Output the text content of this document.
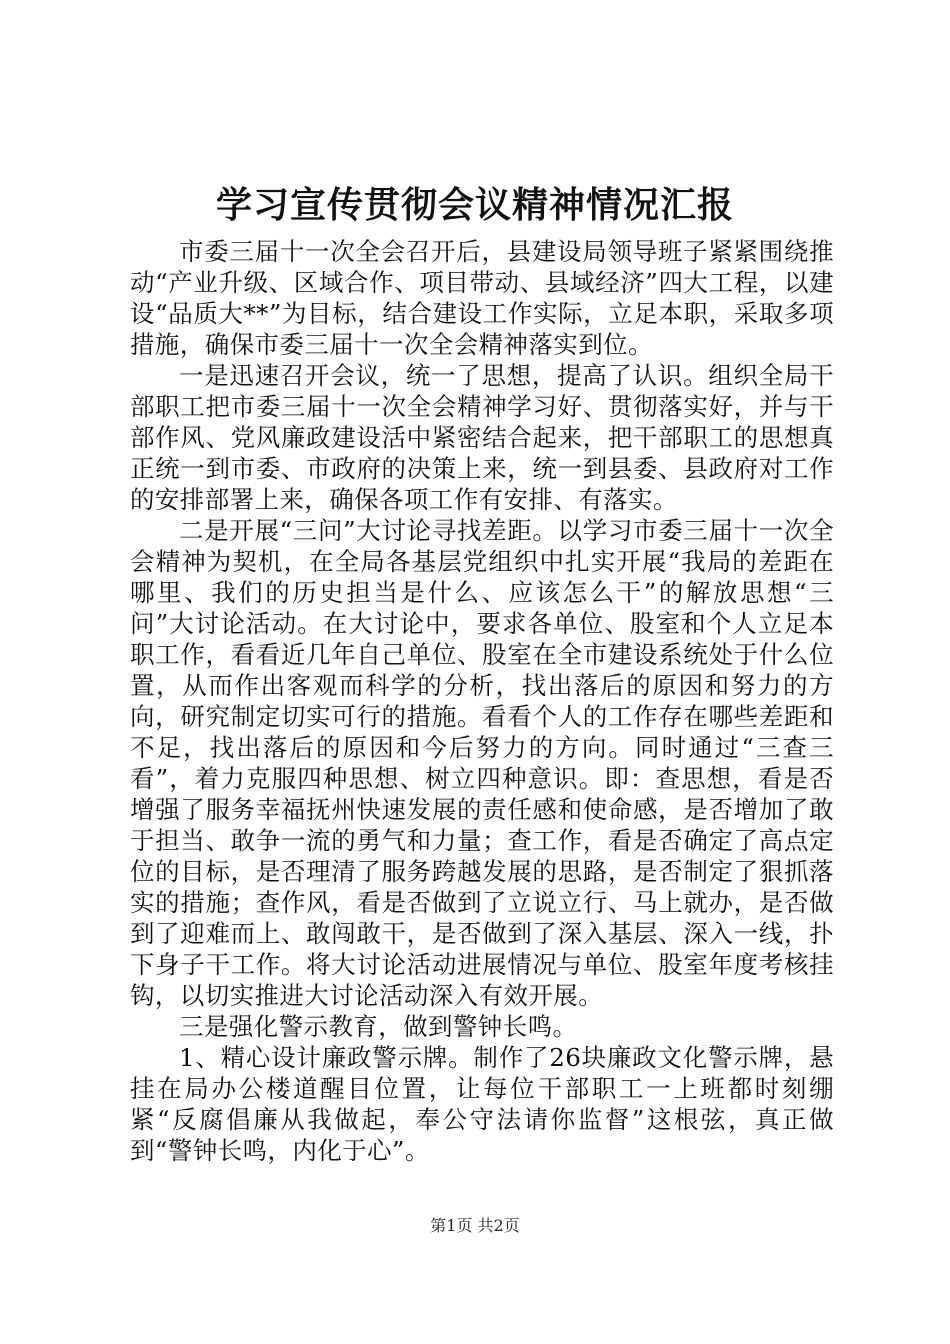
学习宣传贯彻会议精神情况汇报

市委三届十一次全会召开后，县建设局领导班子紧紧围绕推动“产业升级、区域合作、项目带动、县域经济”四大工程，以建设“品质大**”为目标，结合建设工作实际，立足本职，采取多项措施，确保市委三届十一次全会精神落实到位。

一是迅速召开会议，统一了思想，提高了认识。组织全局干部职工把市委三届十一次全会精神学习好、贯彻落实好，并与干部作风、党风廉政建设活中紧密结合起来，把干部职工的思想真正统一到市委、市政府的决策上来，统一到县委、县政府对工作的安排部署上来，确保各项工作有安排、有落实。

二是开展“三问”大讨论寻找差距。以学习市委三届十一次全会精神为契机，在全局各基层党组织中扎实开展“我局的差距在哪里、我们的历史担当是什么、应该怎么干”的解放思想“三问”大讨论活动。在大讨论中，要求各单位、股室和个人立足本职工作，看看近几年自己单位、股室在全市建设系统处于什么位置，从而作出客观而科学的分析，找出落后的原因和努力的方向，研究制定切实可行的措施。看看个人的工作存在哪些差距和不足，找出落后的原因和今后努力的方向。同时通过“三查三看”，着力克服四种思想、树立四种意识。即：查思想，看是否增强了服务幸福抚州快速发展的责任感和使命感，是否增加了敢于担当、敢争一流的勇气和力量；查工作，看是否确定了高点定位的目标，是否理清了服务跨越发展的思路，是否制定了狠抓落实的措施；查作风，看是否做到了立说立行、马上就办，是否做到了迎难而上、敢闯敢干，是否做到了深入基层、深入一线，扑下身子干工作。将大讨论活动进展情况与单位、股室年度考核挂钩，以切实推进大讨论活动深入有效开展。

三是强化警示教育，做到警钟长鸣。

1、精心设计廉政警示牌。制作了26块廉政文化警示牌，悬挂在局办公楼道醒目位置，让每位干部职工一上班都时刻绷紧“反腐倡廉从我做起，奉公守法请你监督”这根弦，真正做到“警钟长鸣，内化于心”。

第1页 共2页
